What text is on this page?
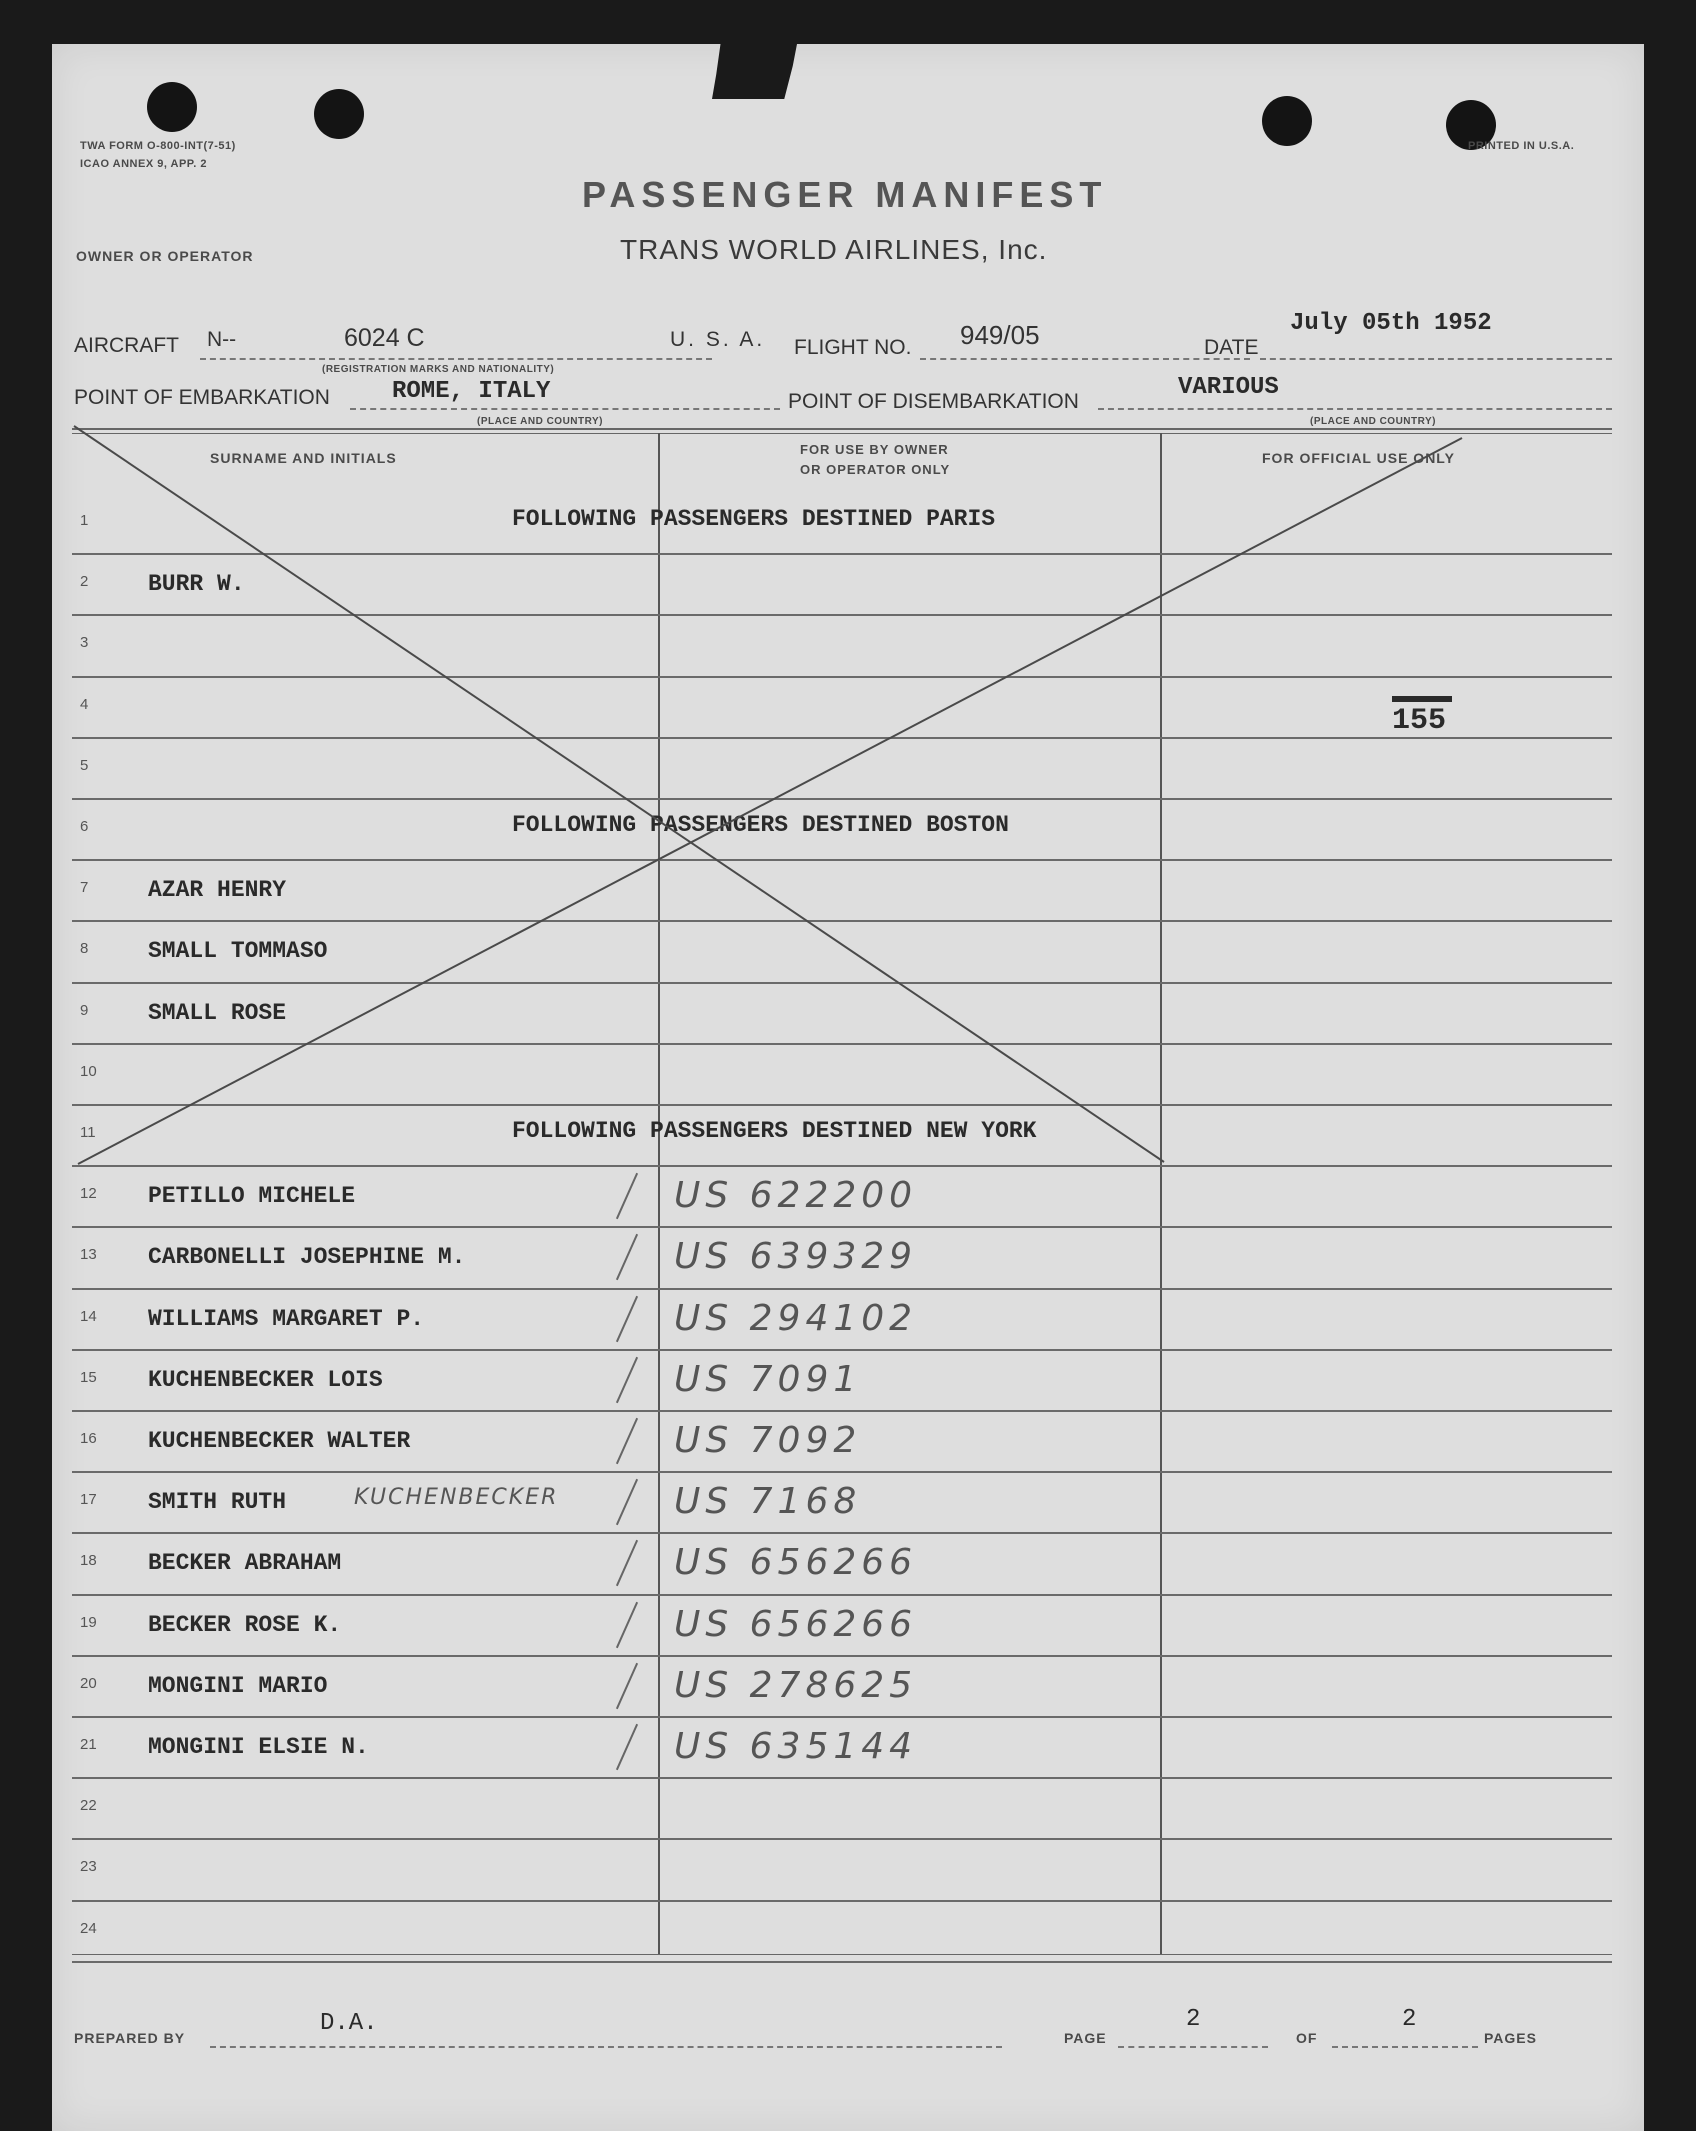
TWA FORM O-800-INT(7-51)
ICAO ANNEX 9, APP. 2
PRINTED IN U.S.A.
PASSENGER MANIFEST
OWNER OR OPERATOR	TRANS WORLD AIRLINES, Inc.
AIRCRAFT N--	6024 C	U. S. A.
(REGISTRATION MARKS AND NATIONALITY)
FLIGHT NO. 949/05	DATE
July 05th 1952
POINT OF EMBARKATION	ROME, ITALY
(PLACE AND COUNTRY)
POINT OF DISEMBARKATION
VARIOUS
(PLACE AND COUNTRY)
SURNAME AND INITIALS
FOR USE BY OWNER
OR OPERATOR ONLY
FOR OFFICIAL USE ONLY
1	FOLLOWING PASSENGERS DESTINED PARIS
2	BURR W.
3
4
5
6	FOLLOWING PASSENGERS DESTINED BOSTON
7	AZAR HENRY
8	SMALL TOMMASO
9	SMALL ROSE
10
11	FOLLOWING PASSENGERS DESTINED NEW YORK
12 PETILLO MICHELE	US 622200
13 CARBONELLI JOSEPHINE M.	US 639329
14 WILLIAMS MARGARET P.	US 294102
15 KUCHENBECKER LOIS	US 7091
16 KUCHENBECKER WALTER	US 7092
17 SMITH RUTH	US 7168
KUCHENBECKER
18 BECKER ABRAHAM	US 656266
19 BECKER ROSE K.	US 656266
20 MONGINI MARIO	US 278625
21 MONGINI ELSIE N.	US 635144
22
23
24
155
PREPARED BY
D.A.
PAGE
2
OF
2
PAGES
